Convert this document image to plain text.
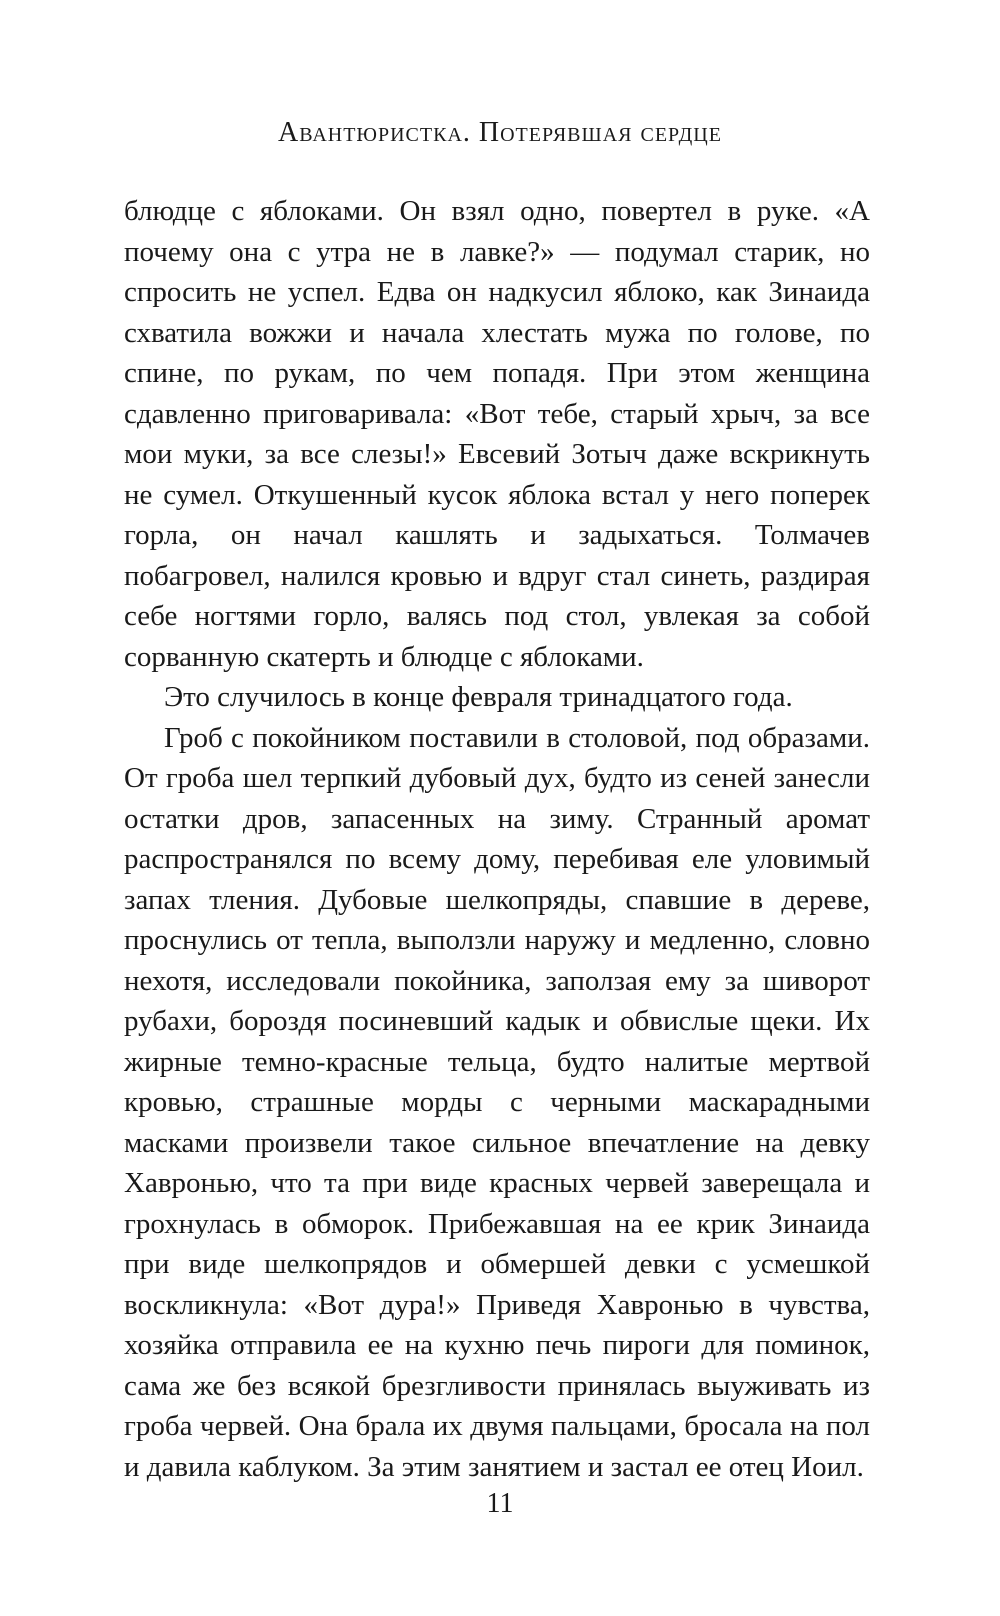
Авантюристка. Потерявшая сердце

блюдце с яблоками. Он взял одно, повертел в руке. «А почему она с утра не в лавке?» — подумал старик, но спросить не успел. Едва он надкусил яблоко, как Зинаида схватила вожжи и начала хлестать мужа по голове, по спине, по рукам, по чем попадя. При этом женщина сдавленно приговаривала: «Вот тебе, старый хрыч, за все мои муки, за все слезы!» Евсевий Зотыч даже вскрикнуть не сумел. Откушенный кусок яблока встал у него поперек горла, он начал кашлять и задыхаться. Толмачев побагровел, налился кровью и вдруг стал синеть, раздирая себе ногтями горло, валясь под стол, увлекая за собой сорванную скатерть и блюдце с яблоками.

Это случилось в конце февраля тринадцатого года.

Гроб с покойником поставили в столовой, под образами. От гроба шел терпкий дубовый дух, будто из сеней занесли остатки дров, запасенных на зиму. Странный аромат распространялся по всему дому, перебивая еле уловимый запах тления. Дубовые шелкопряды, спавшие в дереве, проснулись от тепла, выползли наружу и медленно, словно нехотя, исследовали покойника, заползая ему за шиворот рубахи, бороздя посиневший кадык и обвислые щеки. Их жирные темно-красные тельца, будто налитые мертвой кровью, страшные морды с черными маскарадными масками произвели такое сильное впечатление на девку Хавронью, что та при виде красных червей заверещала и грохнулась в обморок. Прибежавшая на ее крик Зинаида при виде шелкопрядов и обмершей девки с усмешкой воскликнула: «Вот дура!» Приведя Хавронью в чувства, хозяйка отправила ее на кухню печь пироги для поминок, сама же без всякой брезгливости принялась выуживать из гроба червей. Она брала их двумя пальцами, бросала на пол и давила каблуком. За этим занятием и застал ее отец Иоил.

11
